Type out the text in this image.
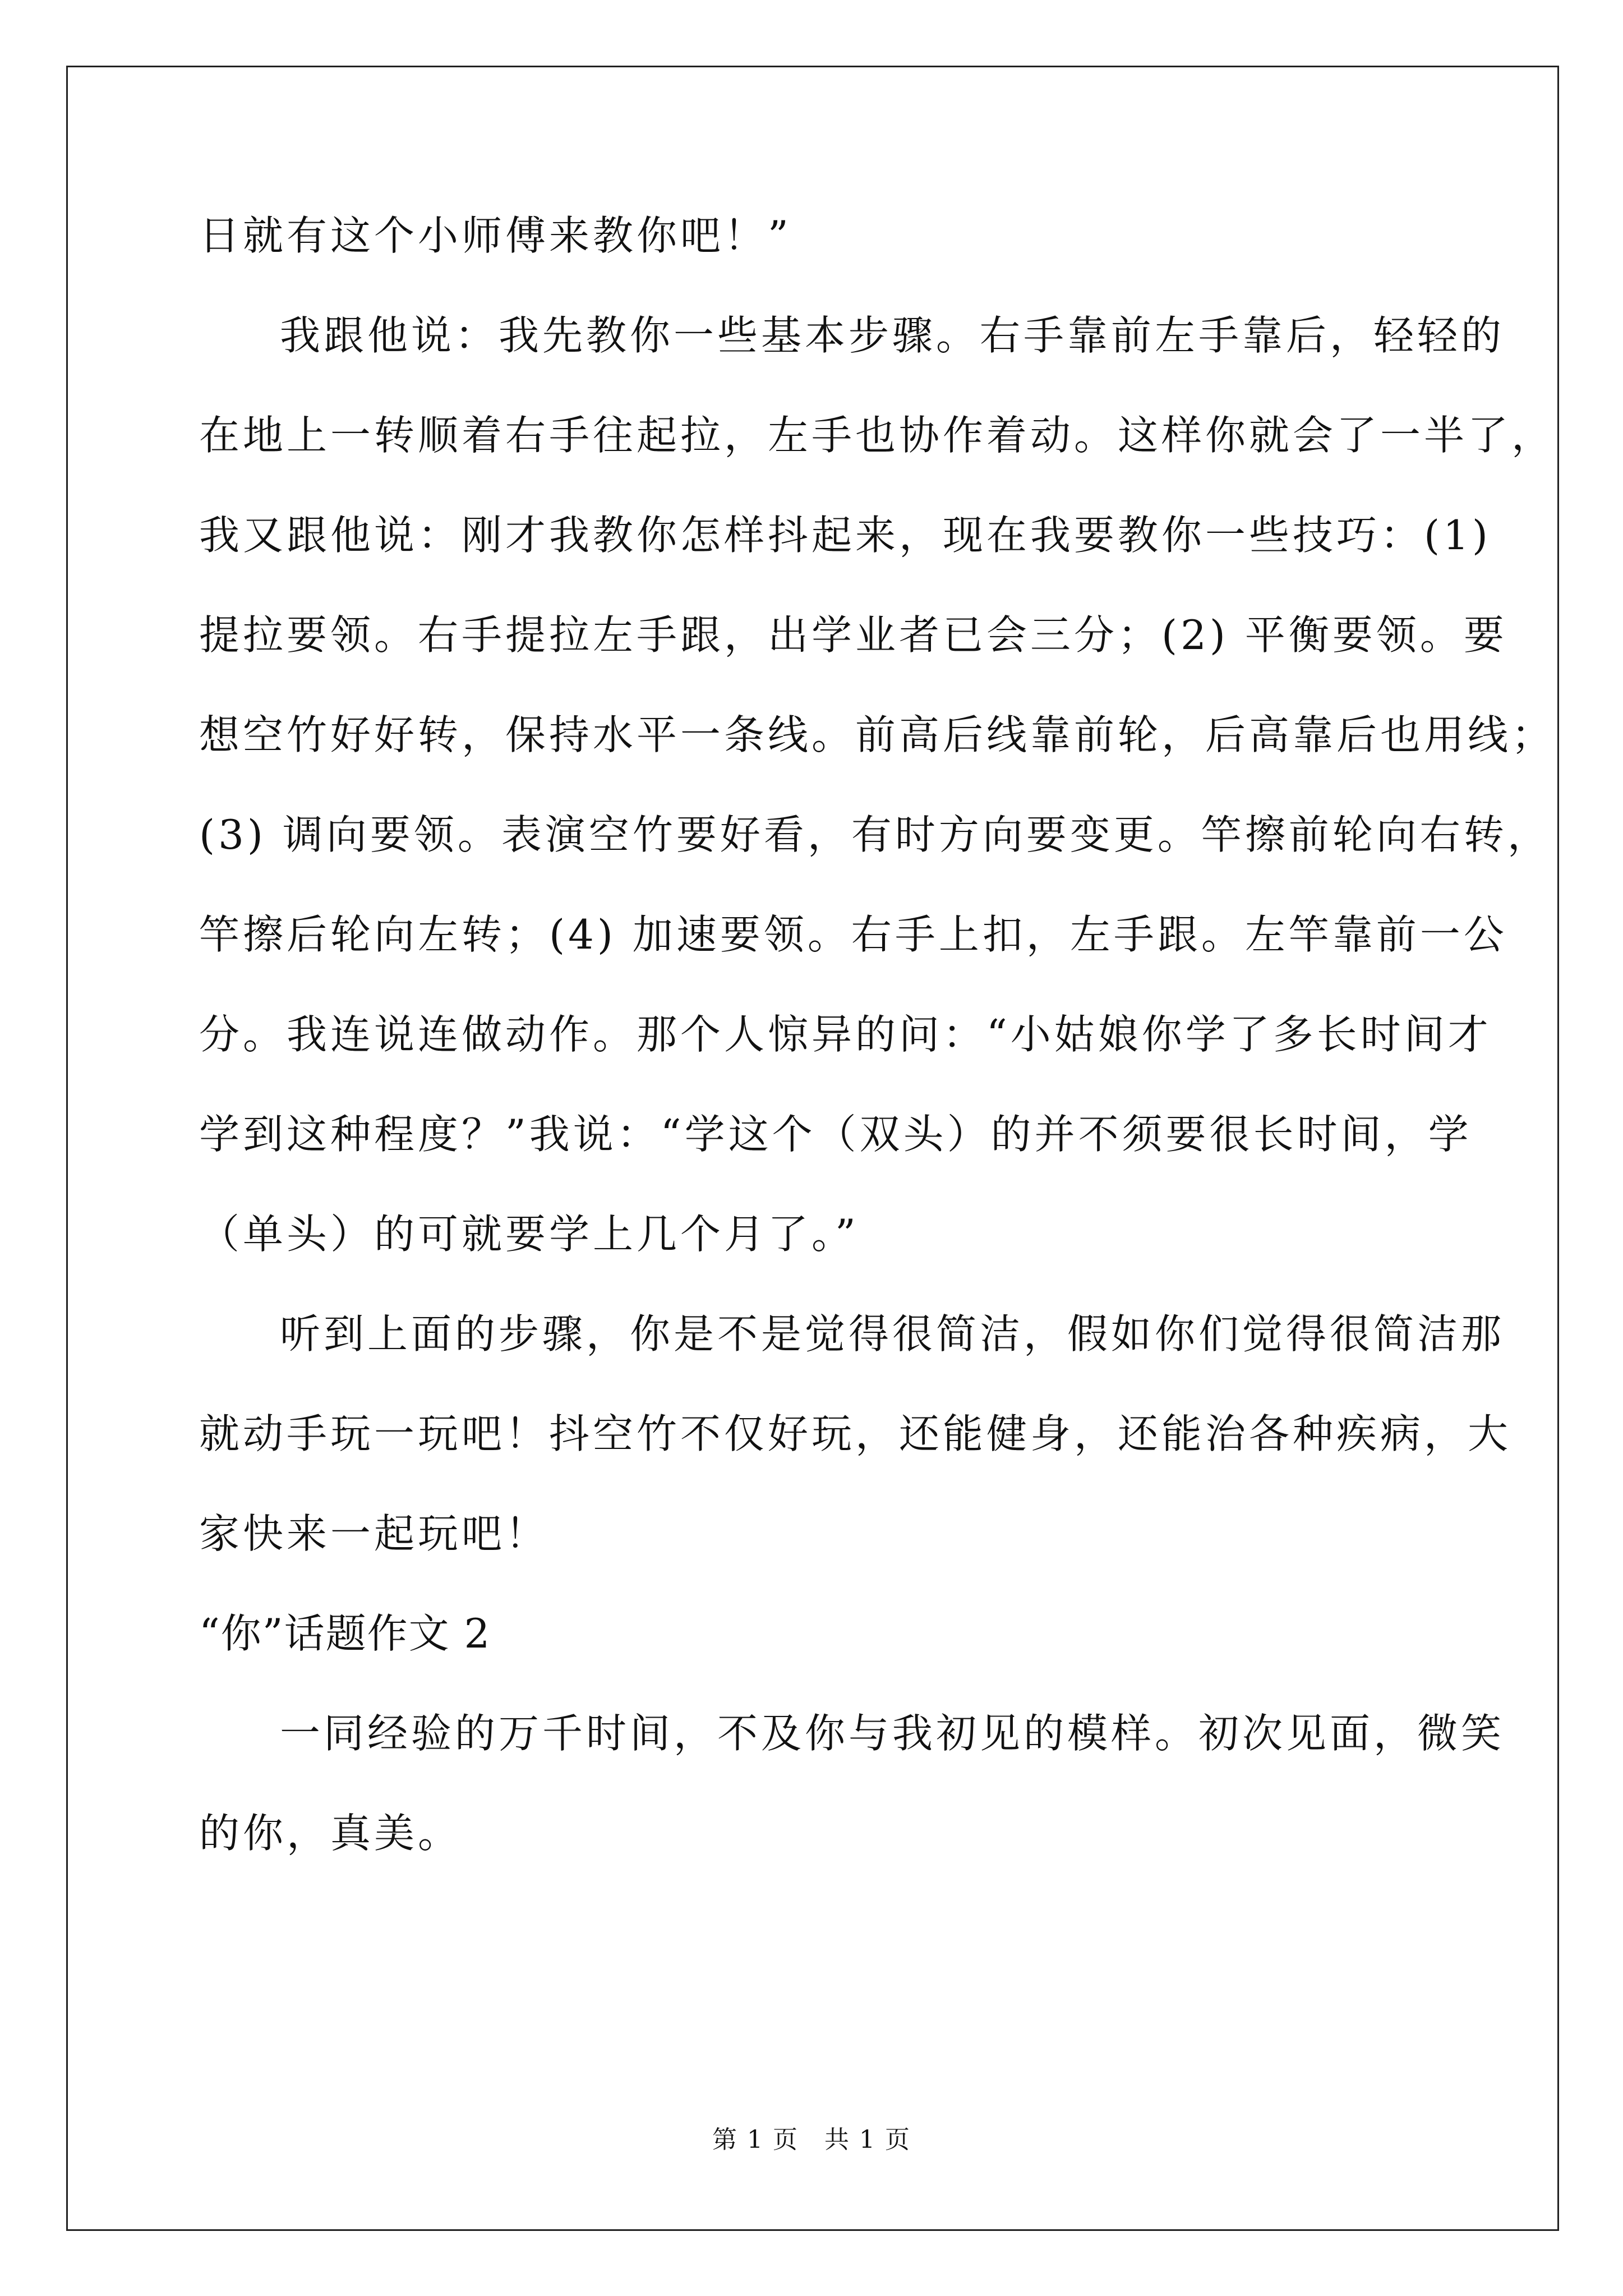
日就有这个小师傅来教你吧！”
我跟他说：我先教你一些基本步骤。右手靠前左手靠后，轻轻的
在地上一转顺着右手往起拉，左手也协作着动。这样你就会了一半了，
我又跟他说：刚才我教你怎样抖起来，现在我要教你一些技巧：(1)
提拉要领。右手提拉左手跟，出学业者已会三分；(2) 平衡要领。要
想空竹好好转，保持水平一条线。前高后线靠前轮，后高靠后也用线；
(3) 调向要领。表演空竹要好看，有时方向要变更。竿擦前轮向右转，
竿擦后轮向左转；(4) 加速要领。右手上扣，左手跟。左竿靠前一公
分。我连说连做动作。那个人惊异的问：“小姑娘你学了多长时间才
学到这种程度？”我说：“学这个（双头）的并不须要很长时间，学
（单头）的可就要学上几个月了。”
听到上面的步骤，你是不是觉得很简洁，假如你们觉得很简洁那
就动手玩一玩吧！抖空竹不仅好玩，还能健身，还能治各种疾病，大
家快来一起玩吧！
“你”话题作文 2
一同经验的万千时间，不及你与我初见的模样。初次见面，微笑
的你，真美。
第 1 页　共 1 页
